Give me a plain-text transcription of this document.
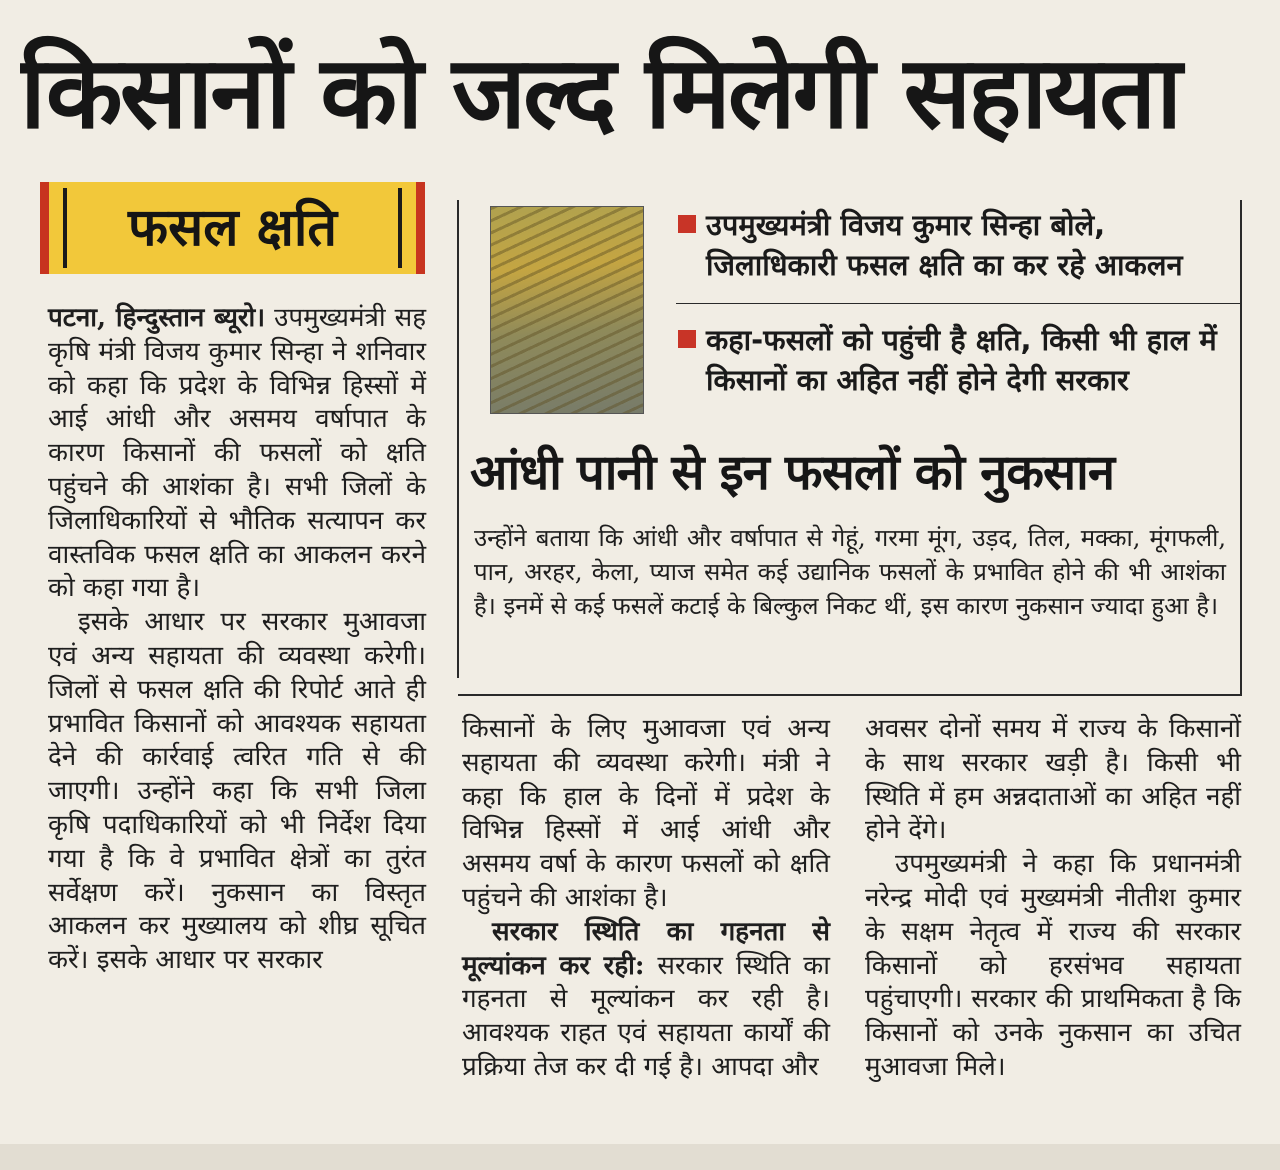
किसानों को जल्द मिलेगी सहायता
फसल क्षति

पटना, हिन्दुस्तान ब्यूरो। उपमुख्यमंत्री सह कृषि मंत्री विजय कुमार सिन्हा ने शनिवार को कहा कि प्रदेश के विभिन्न हिस्सों में आई आंधी और असमय वर्षापात के कारण किसानों की फसलों को क्षति पहुंचने की आशंका है। सभी जिलों के जिलाधिकारियों से भौतिक सत्यापन कर वास्तविक फसल क्षति का आकलन करने को कहा गया है।

इसके आधार पर सरकार मुआवजा एवं अन्य सहायता की व्यवस्था करेगी। जिलों से फसल क्षति की रिपोर्ट आते ही प्रभावित किसानों को आवश्यक सहायता देने की कार्रवाई त्वरित गति से की जाएगी। उन्होंने कहा कि सभी जिला कृषि पदाधिकारियों को भी निर्देश दिया गया है कि वे प्रभावित क्षेत्रों का तुरंत सर्वेक्षण करें। नुकसान का विस्तृत आकलन कर मुख्यालय को शीघ्र सूचित करें। इसके आधार पर सरकार

उपमुख्यमंत्री विजय कुमार सिन्हा बोले, जिलाधिकारी फसल क्षति का कर रहे आकलन
कहा-फसलों को पहुंची है क्षति, किसी भी हाल में किसानों का अहित नहीं होने देगी सरकार
आंधी पानी से इन फसलों को नुकसान
उन्होंने बताया कि आंधी और वर्षापात से गेहूं, गरमा मूंग, उड़द, तिल, मक्का, मूंगफली, पान, अरहर, केला, प्याज समेत कई उद्यानिक फसलों के प्रभावित होने की भी आशंका है। इनमें से कई फसलें कटाई के बिल्कुल निकट थीं, इस कारण नुकसान ज्यादा हुआ है।

किसानों के लिए मुआवजा एवं अन्य सहायता की व्यवस्था करेगी। मंत्री ने कहा कि हाल के दिनों में प्रदेश के विभिन्न हिस्सों में आई आंधी और असमय वर्षा के कारण फसलों को क्षति पहुंचने की आशंका है।

सरकार स्थिति का गहनता से मूल्यांकन कर रही: सरकार स्थिति का गहनता से मूल्यांकन कर रही है। आवश्यक राहत एवं सहायता कार्यों की प्रक्रिया तेज कर दी गई है। आपदा और

अवसर दोनों समय में राज्य के किसानों के साथ सरकार खड़ी है। किसी भी स्थिति में हम अन्नदाताओं का अहित नहीं होने देंगे।

उपमुख्यमंत्री ने कहा कि प्रधानमंत्री नरेन्द्र मोदी एवं मुख्यमंत्री नीतीश कुमार के सक्षम नेतृत्व में राज्य की सरकार किसानों को हरसंभव सहायता पहुंचाएगी। सरकार की प्राथमिकता है कि किसानों को उनके नुकसान का उचित मुआवजा मिले।
